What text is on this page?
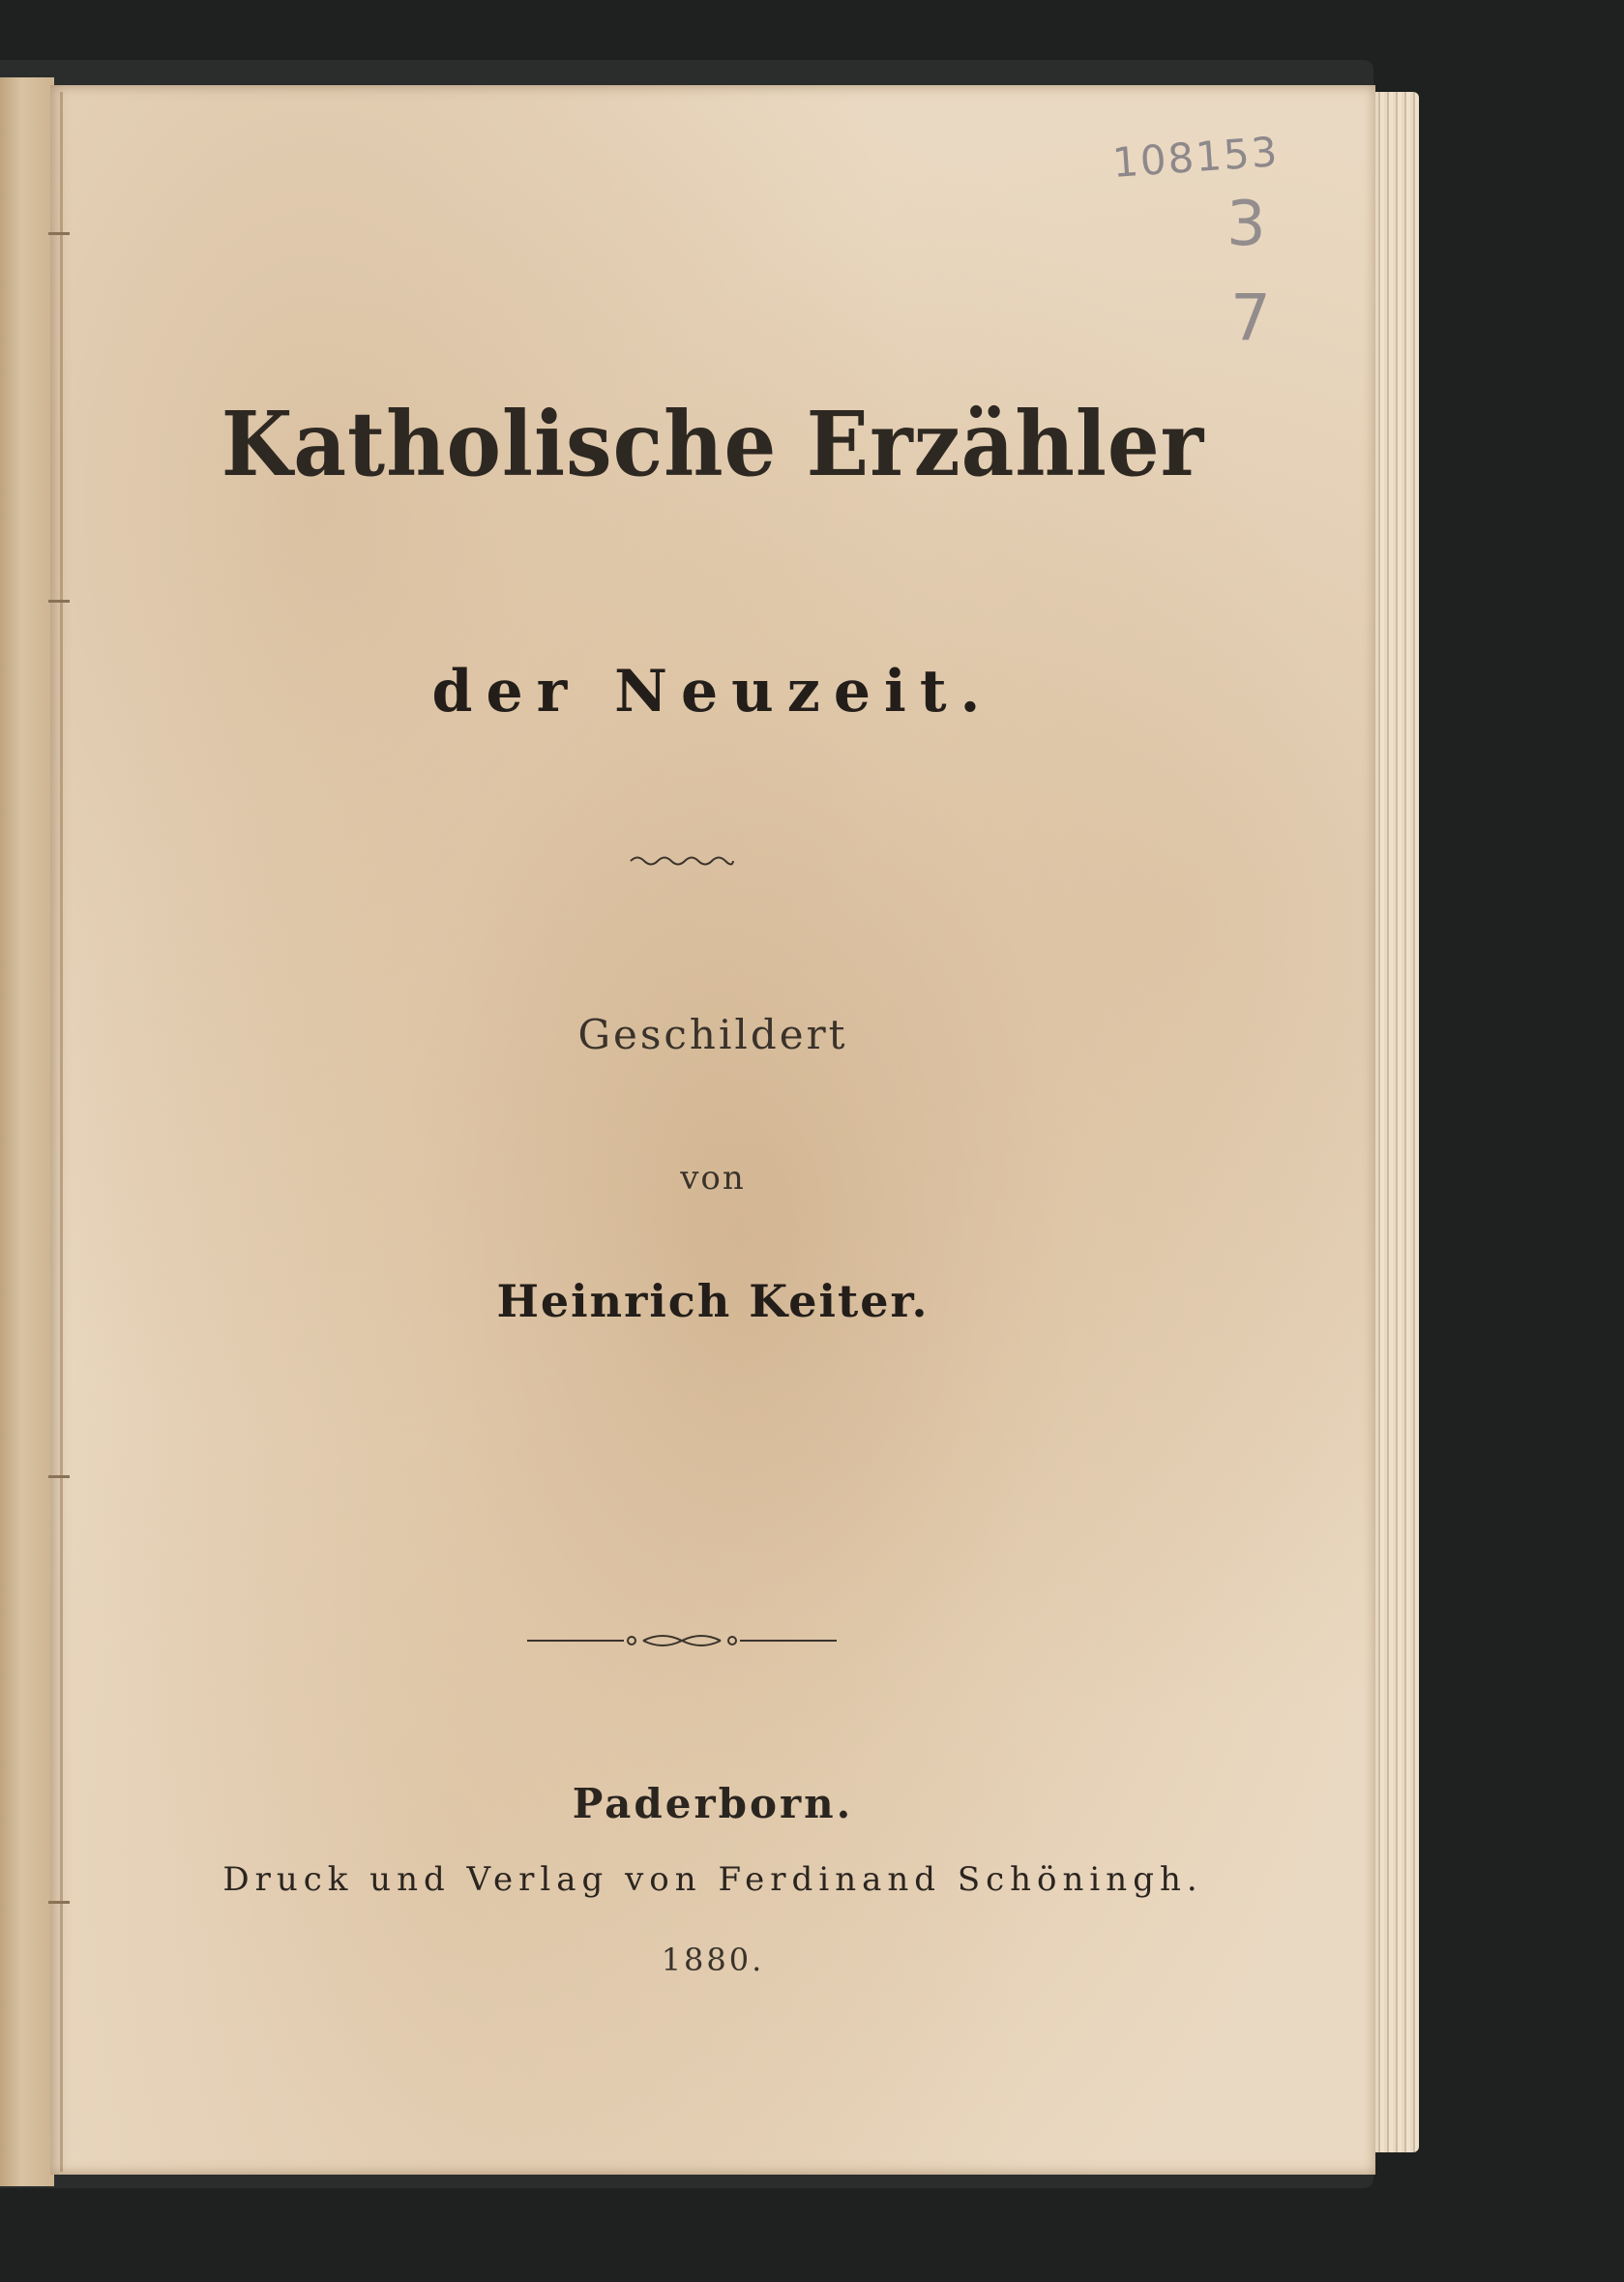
108153
3
7
Katholische Erzähler
der Neuzeit.
Geschildert
von
Heinrich Keiter.
Paderborn.
Druck und Verlag von Ferdinand Schöningh.
1880.
